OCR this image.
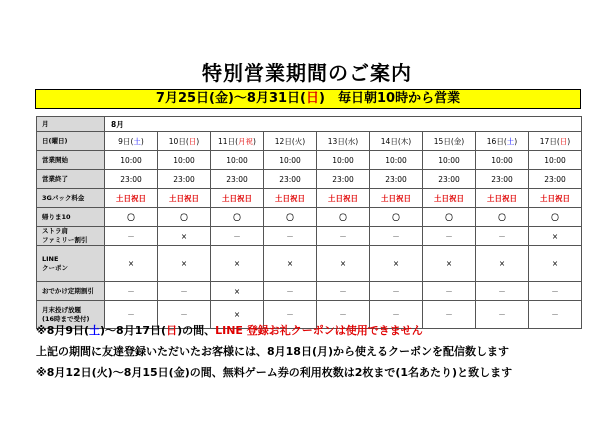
特別営業期間のご案内
7月25日(金)～8月31日(日)　毎日朝10時から営業
月	8月								
日(曜日)	9日(土)	10日(日)	11日(月祝)	12日(火)	13日(水)	14日(木)	15日(金)	16日(土)	17日(日)
営業開始	10:00	10:00	10:00	10:00	10:00	10:00	10:00	10:00	10:00
営業終了	23:00	23:00	23:00	23:00	23:00	23:00	23:00	23:00	23:00
3Gパック料金	土日祝日	土日祝日	土日祝日	土日祝日	土日祝日	土日祝日	土日祝日	土日祝日	土日祝日
帰りま10	〇	〇	〇	〇	〇	〇	〇	〇	〇
ストラ肩
ファミリー割引	－	×	－	－	－	－	－	－	×
LINE
クーポン	×	×	×	×	×	×	×	×	×
おでかけ定期割引	－	－	×	－	－	－	－	－	－
月末投げ放題
(16時まで受付)	－	－	×	－	－	－	－	－	－
※8月9日(土)～8月17日(日)の間、LINE 登録お礼クーポンは使用できません
上記の期間に友達登録いただいたお客様には、8月18日(月)から使えるクーポンを配信数します
※8月12日(火)～8月15日(金)の間、無料ゲーム券の利用枚数は2枚まで(1名あたり)と致します
